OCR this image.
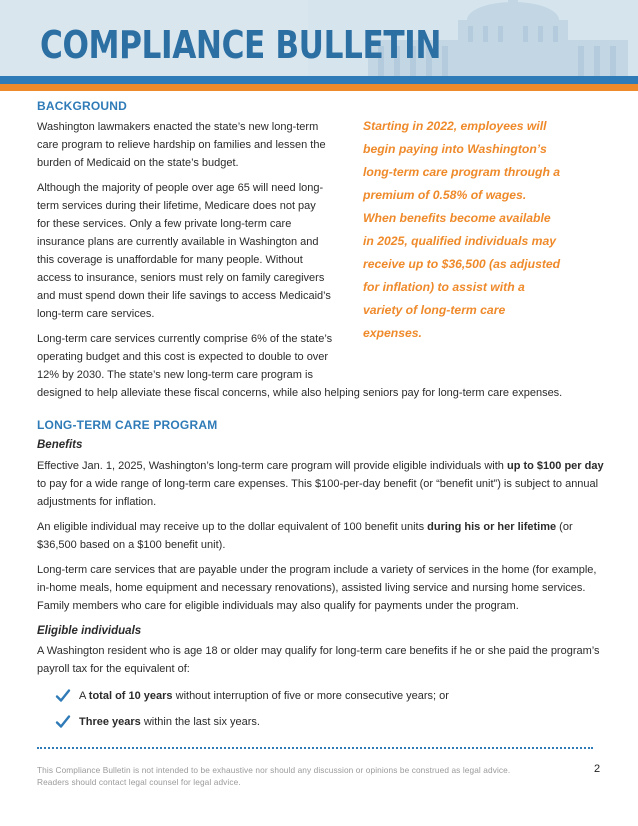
COMPLIANCE BULLETIN
BACKGROUND

Washington lawmakers enacted the state’s new long-term
care program to relieve hardship on families and lessen the
burden of Medicaid on the state’s budget.

Although the majority of people over age 65 will need long-
term services during their lifetime, Medicare does not pay
for these services. Only a few private long-term care
insurance plans are currently available in Washington and
this coverage is unaffordable for many people. Without
access to insurance, seniors must rely on family caregivers
and must spend down their life savings to access Medicaid’s
long-term care services.

Long-term care services currently comprise 6% of the state’s
operating budget and this cost is expected to double to over
12% by 2030. The state’s new long-term care program is
designed to help alleviate these fiscal concerns, while also helping seniors pay for long-term care expenses.

Starting in 2022, employees will
begin paying into Washington’s
long-term care program through a
premium of 0.58% of wages.
When benefits become available
in 2025, qualified individuals may
receive up to $36,500 (as adjusted
for inflation) to assist with a
variety of long-term care
expenses.
LONG-TERM CARE PROGRAM
Benefits

Effective Jan. 1, 2025, Washington’s long-term care program will provide eligible individuals with up to $100 per day to pay for a wide range of long-term care expenses. This $100-per-day benefit (or “benefit unit”) is subject to annual adjustments for inflation.

An eligible individual may receive up to the dollar equivalent of 100 benefit units during his or her lifetime (or $36,500 based on a $100 benefit unit).

Long-term care services that are payable under the program include a variety of services in the home (for example, in-home meals, home equipment and necessary renovations), assisted living service and nursing home services. Family members who care for eligible individuals may also qualify for payments under the program.

Eligible individuals

A Washington resident who is age 18 or older may qualify for long-term care benefits if he or she paid the program’s payroll tax for the equivalent of:

A total of 10 years without interruption of five or more consecutive years; or
Three years within the last six years.
This Compliance Bulletin is not intended to be exhaustive nor should any discussion or opinions be construed as legal advice.
Readers should contact legal counsel for legal advice.
2
